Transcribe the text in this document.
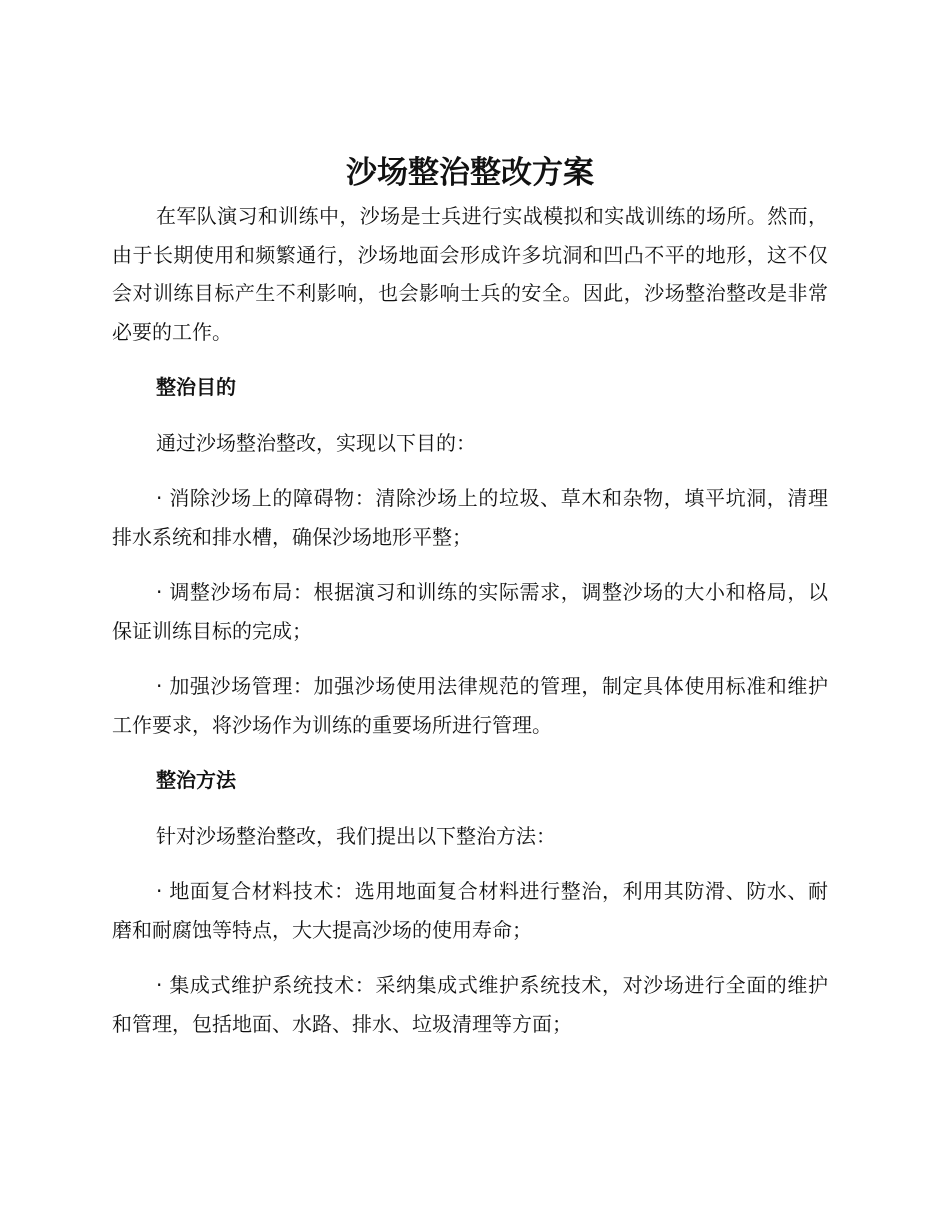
沙场整治整改方案

在军队演习和训练中，沙场是士兵进行实战模拟和实战训练的场所。然而，由于长期使用和频繁通行，沙场地面会形成许多坑洞和凹凸不平的地形，这不仅会对训练目标产生不利影响，也会影响士兵的安全。因此，沙场整治整改是非常必要的工作。

整治目的

通过沙场整治整改，实现以下目的：

· 消除沙场上的障碍物：清除沙场上的垃圾、草木和杂物，填平坑洞，清理排水系统和排水槽，确保沙场地形平整；

· 调整沙场布局：根据演习和训练的实际需求，调整沙场的大小和格局，以保证训练目标的完成；

· 加强沙场管理：加强沙场使用法律规范的管理，制定具体使用标准和维护工作要求，将沙场作为训练的重要场所进行管理。

整治方法

针对沙场整治整改，我们提出以下整治方法：

· 地面复合材料技术：选用地面复合材料进行整治，利用其防滑、防水、耐磨和耐腐蚀等特点，大大提高沙场的使用寿命；

· 集成式维护系统技术：采纳集成式维护系统技术，对沙场进行全面的维护和管理，包括地面、水路、排水、垃圾清理等方面；
